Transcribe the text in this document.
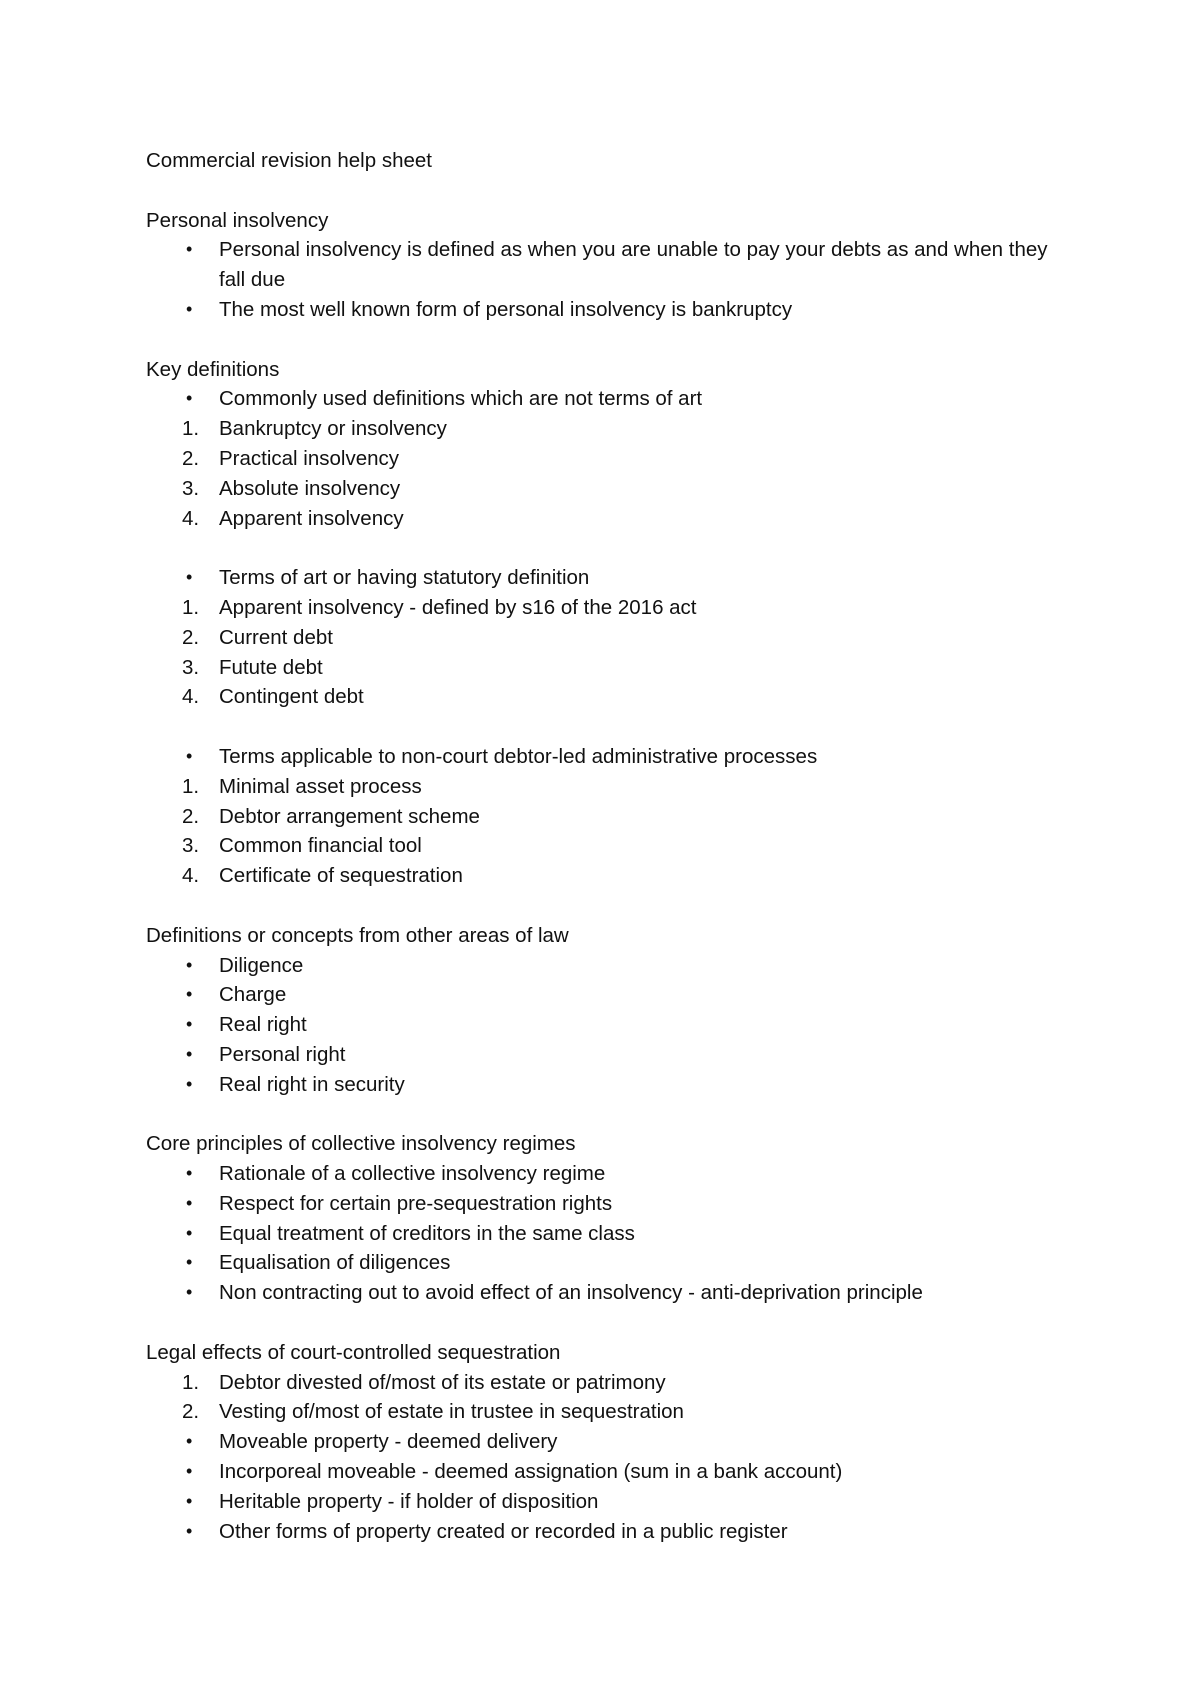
Commercial revision help sheet
Personal insolvency
•	Personal insolvency is defined as when you are unable to pay your debts as and when they fall due
•	The most well known form of personal insolvency is bankruptcy
Key definitions
•	Commonly used definitions which are not terms of art
1. Bankruptcy or insolvency
2. Practical insolvency
3. Absolute insolvency
4. Apparent insolvency
•	Terms of art or having statutory definition
1. Apparent insolvency - defined by s16 of the 2016 act
2. Current debt
3. Futute debt
4. Contingent debt
•	Terms applicable to non-court debtor-led administrative processes
1. Minimal asset process
2. Debtor arrangement scheme
3. Common financial tool
4. Certificate of sequestration
Definitions or concepts from other areas of law
•	Diligence
•	Charge
•	Real right
•	Personal right
•	Real right in security
Core principles of collective insolvency regimes
•	Rationale of a collective insolvency regime
•	Respect for certain pre-sequestration rights
•	Equal treatment of creditors in the same class
•	Equalisation of diligences
•	Non contracting out to avoid effect of an insolvency - anti-deprivation principle
Legal effects of court-controlled sequestration
1. Debtor divested of/most of its estate or patrimony
2. Vesting of/most of estate in trustee in sequestration
•	Moveable property - deemed delivery
•	Incorporeal moveable - deemed assignation (sum in a bank account)
•	Heritable property - if holder of disposition
•	Other forms of property created or recorded in a public register
